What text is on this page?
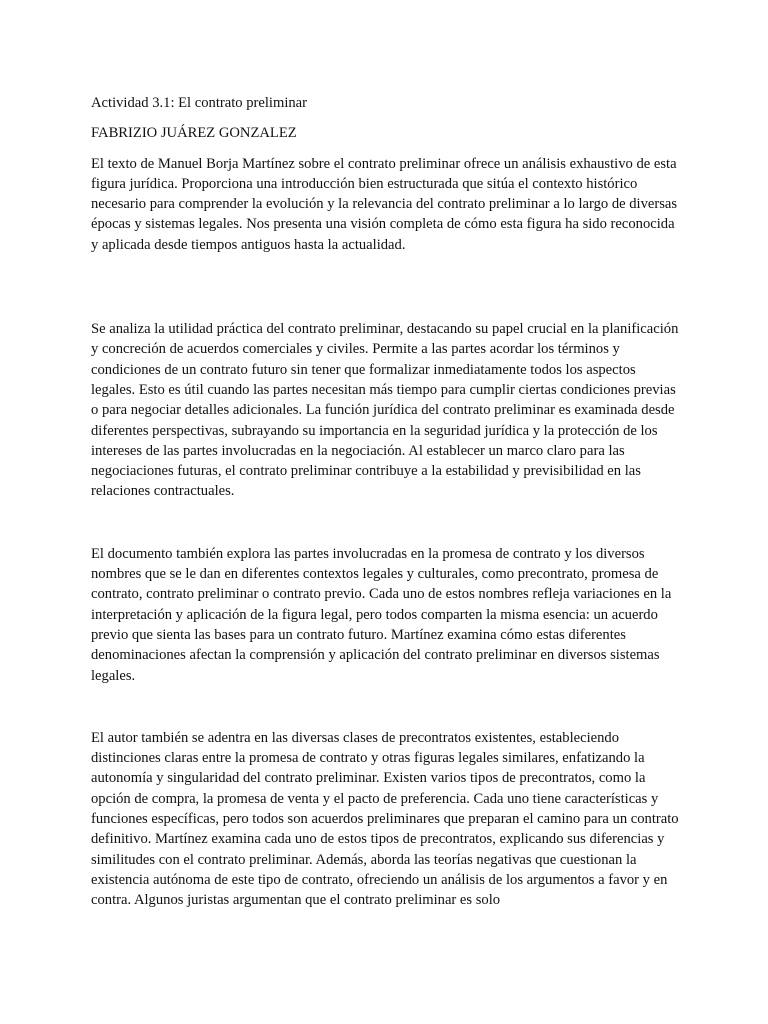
Actividad 3.1: El contrato preliminar

FABRIZIO JUÁREZ GONZALEZ

El texto de Manuel Borja Martínez sobre el contrato preliminar ofrece un análisis exhaustivo de esta figura jurídica. Proporciona una introducción bien estructurada que sitúa el contexto histórico necesario para comprender la evolución y la relevancia del contrato preliminar a lo largo de diversas épocas y sistemas legales. Nos presenta una visión completa de cómo esta figura ha sido reconocida y aplicada desde tiempos antiguos hasta la actualidad.

Se analiza la utilidad práctica del contrato preliminar, destacando su papel crucial en la planificación y concreción de acuerdos comerciales y civiles. Permite a las partes acordar los términos y condiciones de un contrato futuro sin tener que formalizar inmediatamente todos los aspectos legales. Esto es útil cuando las partes necesitan más tiempo para cumplir ciertas condiciones previas o para negociar detalles adicionales. La función jurídica del contrato preliminar es examinada desde diferentes perspectivas, subrayando su importancia en la seguridad jurídica y la protección de los intereses de las partes involucradas en la negociación. Al establecer un marco claro para las negociaciones futuras, el contrato preliminar contribuye a la estabilidad y previsibilidad en las relaciones contractuales.

El documento también explora las partes involucradas en la promesa de contrato y los diversos nombres que se le dan en diferentes contextos legales y culturales, como precontrato, promesa de contrato, contrato preliminar o contrato previo. Cada uno de estos nombres refleja variaciones en la interpretación y aplicación de la figura legal, pero todos comparten la misma esencia: un acuerdo previo que sienta las bases para un contrato futuro. Martínez examina cómo estas diferentes denominaciones afectan la comprensión y aplicación del contrato preliminar en diversos sistemas legales.

El autor también se adentra en las diversas clases de precontratos existentes, estableciendo distinciones claras entre la promesa de contrato y otras figuras legales similares, enfatizando la autonomía y singularidad del contrato preliminar. Existen varios tipos de precontratos, como la opción de compra, la promesa de venta y el pacto de preferencia. Cada uno tiene características y funciones específicas, pero todos son acuerdos preliminares que preparan el camino para un contrato definitivo. Martínez examina cada uno de estos tipos de precontratos, explicando sus diferencias y similitudes con el contrato preliminar. Además, aborda las teorías negativas que cuestionan la existencia autónoma de este tipo de contrato, ofreciendo un análisis de los argumentos a favor y en contra. Algunos juristas argumentan que el contrato preliminar es solo
